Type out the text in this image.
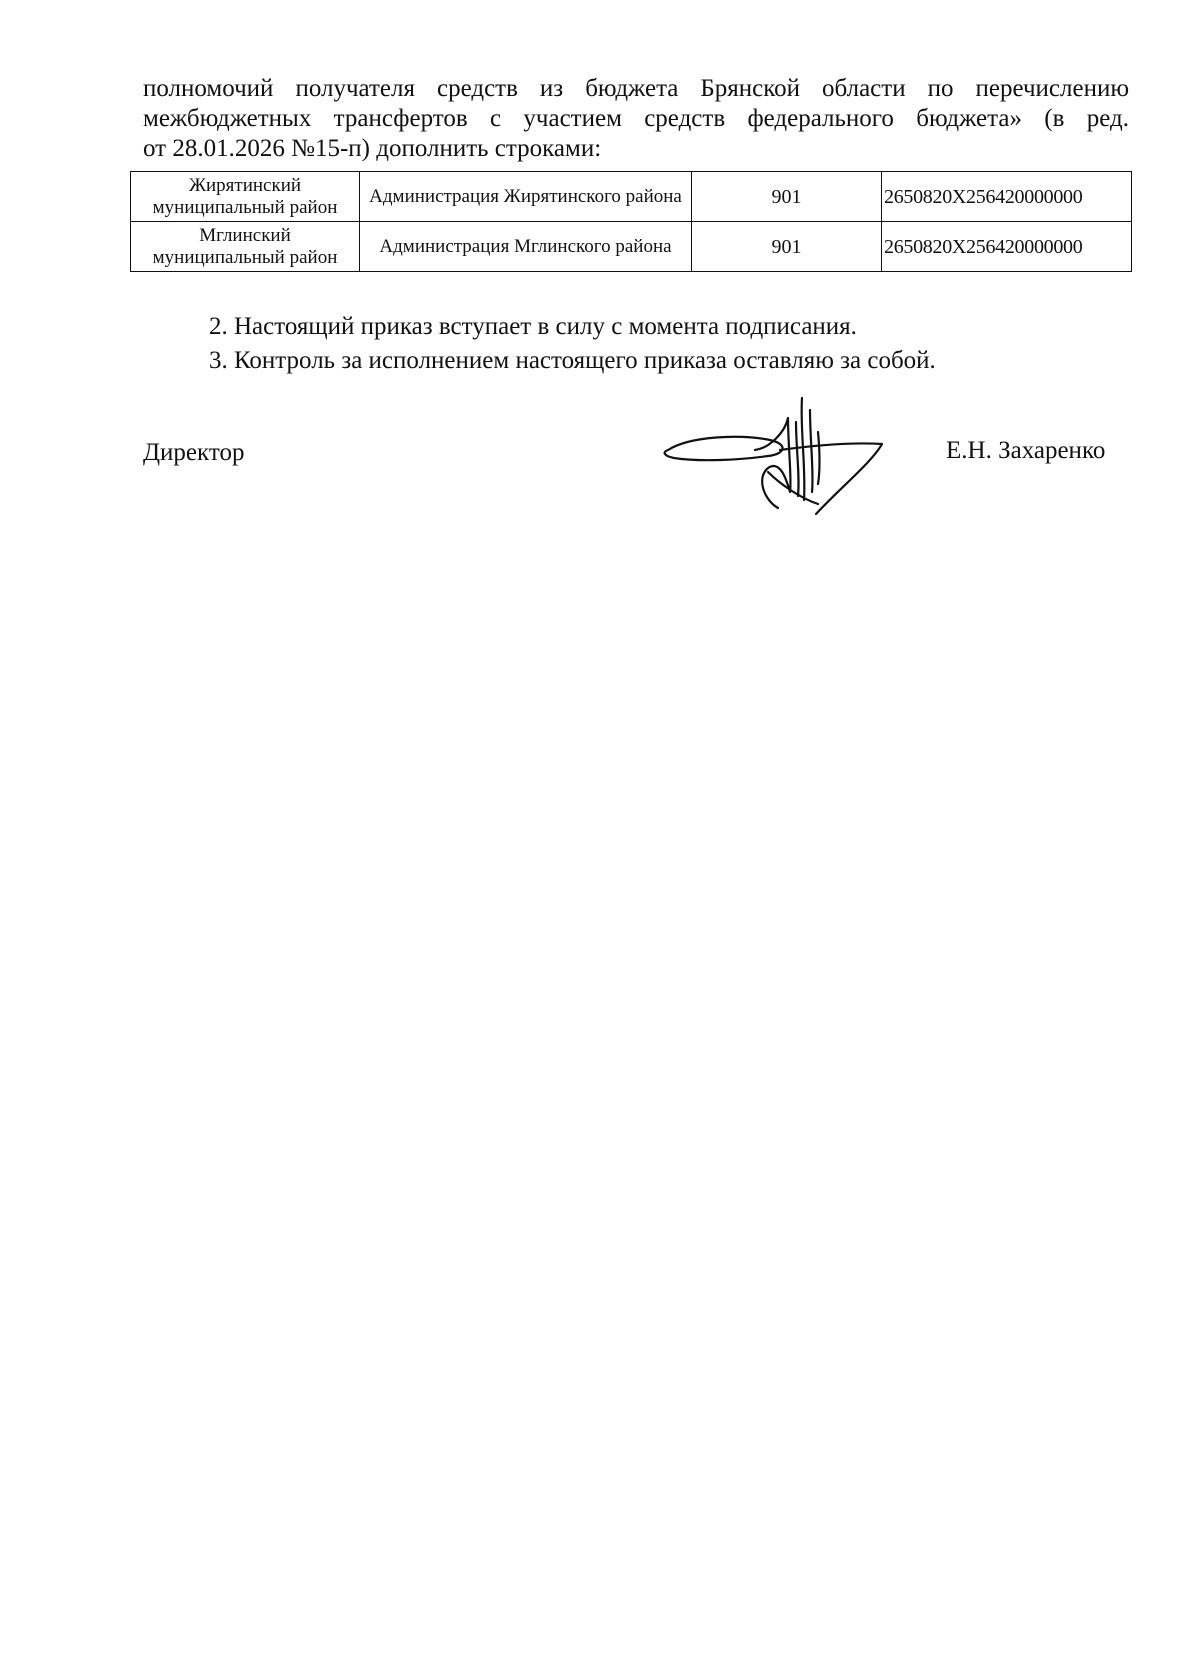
полномочий получателя средств из бюджета Брянской области по перечислению
межбюджетных трансфертов с участием средств федерального бюджета» (в ред.
от 28.01.2026 №15-п) дополнить строками:
Жирятинский муниципальный район	Администрация Жирятинского района	901	2650820Х256420000000
Мглинский муниципальный район	Администрация Мглинского района	901	2650820Х256420000000
2. Настоящий приказ вступает в силу с момента подписания.
3. Контроль за исполнением настоящего приказа оставляю за собой.
Директор	Е.Н. Захаренко
